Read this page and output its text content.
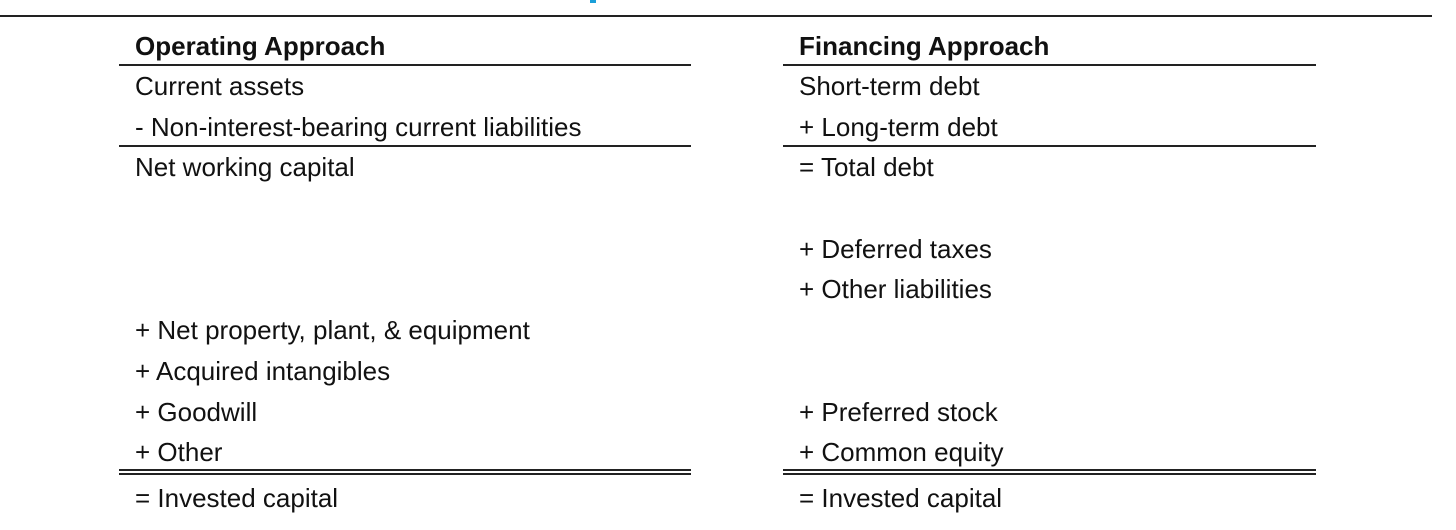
Operating Approach
Current assets
- Non-interest-bearing current liabilities
Net working capital
+ Net property, plant, & equipment
+ Acquired intangibles
+ Goodwill
+ Other
= Invested capital
Financing Approach
Short-term debt
+ Long-term debt
= Total debt
+ Deferred taxes
+ Other liabilities
+ Preferred stock
+ Common equity
= Invested capital
